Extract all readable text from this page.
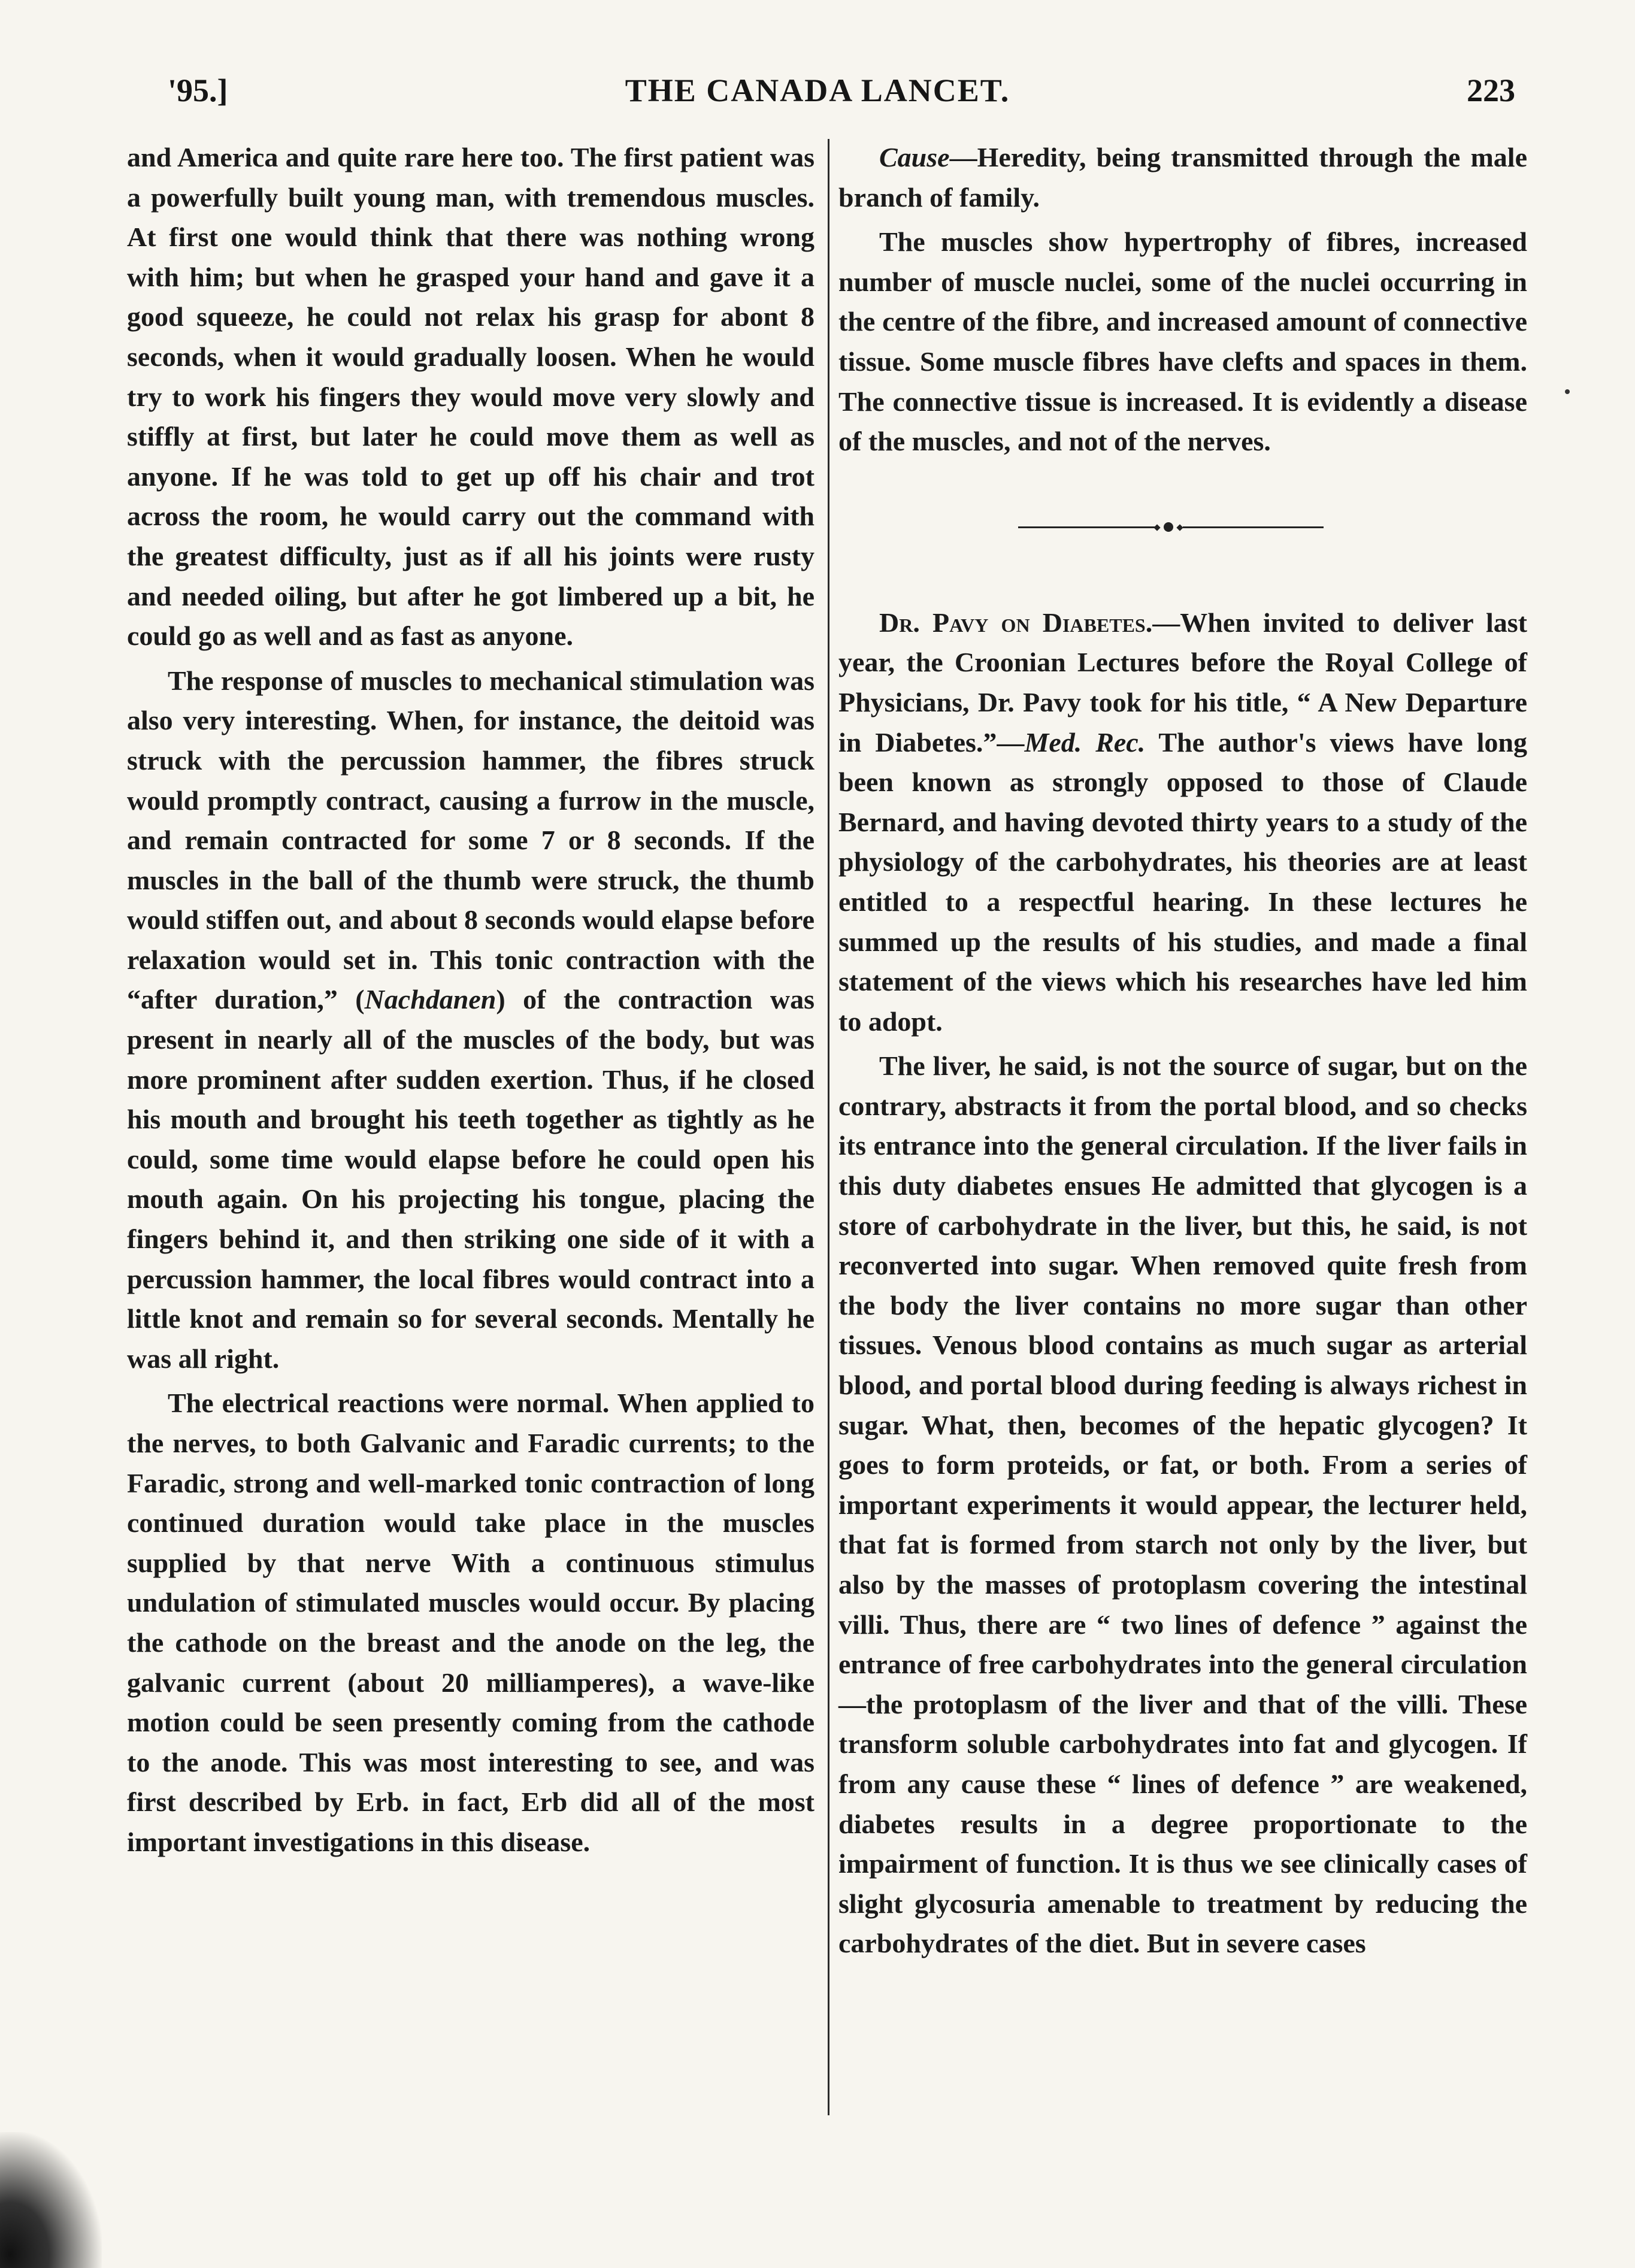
THE CANADA LANCET.
'95.]	223

and America and quite rare here too. The first patient was a powerfully built young man, with tremendous muscles. At first one would think that there was nothing wrong with him; but when he grasped your hand and gave it a good squeeze, he could not relax his grasp for abont 8 seconds, when it would gradually loosen. When he would try to work his fingers they would move very slowly and stiffly at first, but later he could move them as well as anyone. If he was told to get up off his chair and trot across the room, he would carry out the command with the greatest difficulty, just as if all his joints were rusty and needed oiling, but after he got limbered up a bit, he could go as well and as fast as anyone.

The response of muscles to mechanical stimulation was also very interesting. When, for instance, the deitoid was struck with the percussion hammer, the fibres struck would promptly contract, causing a furrow in the muscle, and remain contracted for some 7 or 8 seconds. If the muscles in the ball of the thumb were struck, the thumb would stiffen out, and about 8 seconds would elapse before relaxation would set in. This tonic contraction with the “after duration,” (Nachdanen) of the contraction was present in nearly all of the muscles of the body, but was more prominent after sudden exertion. Thus, if he closed his mouth and brought his teeth together as tightly as he could, some time would elapse before he could open his mouth again. On his projecting his tongue, placing the fingers behind it, and then striking one side of it with a percussion hammer, the local fibres would contract into a little knot and remain so for several seconds. Mentally he was all right.

The electrical reactions were normal. When applied to the nerves, to both Galvanic and Faradic currents; to the Faradic, strong and well-marked tonic contraction of long continued duration would take place in the muscles supplied by that nerve With a continuous stimulus undulation of stimulated muscles would occur. By placing the cathode on the breast and the anode on the leg, the galvanic current (about 20 milliamperes), a wave-like motion could be seen presently coming from the cathode to the anode. This was most interesting to see, and was first described by Erb. in fact, Erb did all of the most important investigations in this disease.

Cause—Heredity, being transmitted through the male branch of family.

The muscles show hypertrophy of fibres, increased number of muscle nuclei, some of the nuclei occurring in the centre of the fibre, and increased amount of connective tissue. Some muscle fibres have clefts and spaces in them. The connective tissue is increased. It is evidently a disease of the muscles, and not of the nerves.

Dr. Pavy on Diabetes.—When invited to deliver last year, the Croonian Lectures before the Royal College of Physicians, Dr. Pavy took for his title, “ A New Departure in Diabetes.”—Med. Rec. The author's views have long been known as strongly opposed to those of Claude Bernard, and having devoted thirty years to a study of the physiology of the carbohydrates, his theories are at least entitled to a respectful hearing. In these lectures he summed up the results of his studies, and made a final statement of the views which his researches have led him to adopt.

The liver, he said, is not the source of sugar, but on the contrary, abstracts it from the portal blood, and so checks its entrance into the general circulation. If the liver fails in this duty diabetes ensues He admitted that glycogen is a store of carbohydrate in the liver, but this, he said, is not reconverted into sugar. When removed quite fresh from the body the liver contains no more sugar than other tissues. Venous blood contains as much sugar as arterial blood, and portal blood during feeding is always richest in sugar. What, then, becomes of the hepatic glycogen? It goes to form proteids, or fat, or both. From a series of important experiments it would appear, the lecturer held, that fat is formed from starch not only by the liver, but also by the masses of protoplasm covering the intestinal villi. Thus, there are “ two lines of defence ” against the entrance of free carbohydrates into the general circulation —the protoplasm of the liver and that of the villi. These transform soluble carbohydrates into fat and glycogen. If from any cause these “ lines of defence ” are weakened, diabetes results in a degree proportionate to the impairment of function. It is thus we see clinically cases of slight glycosuria amenable to treatment by reducing the carbohydrates of the diet. But in severe cases
